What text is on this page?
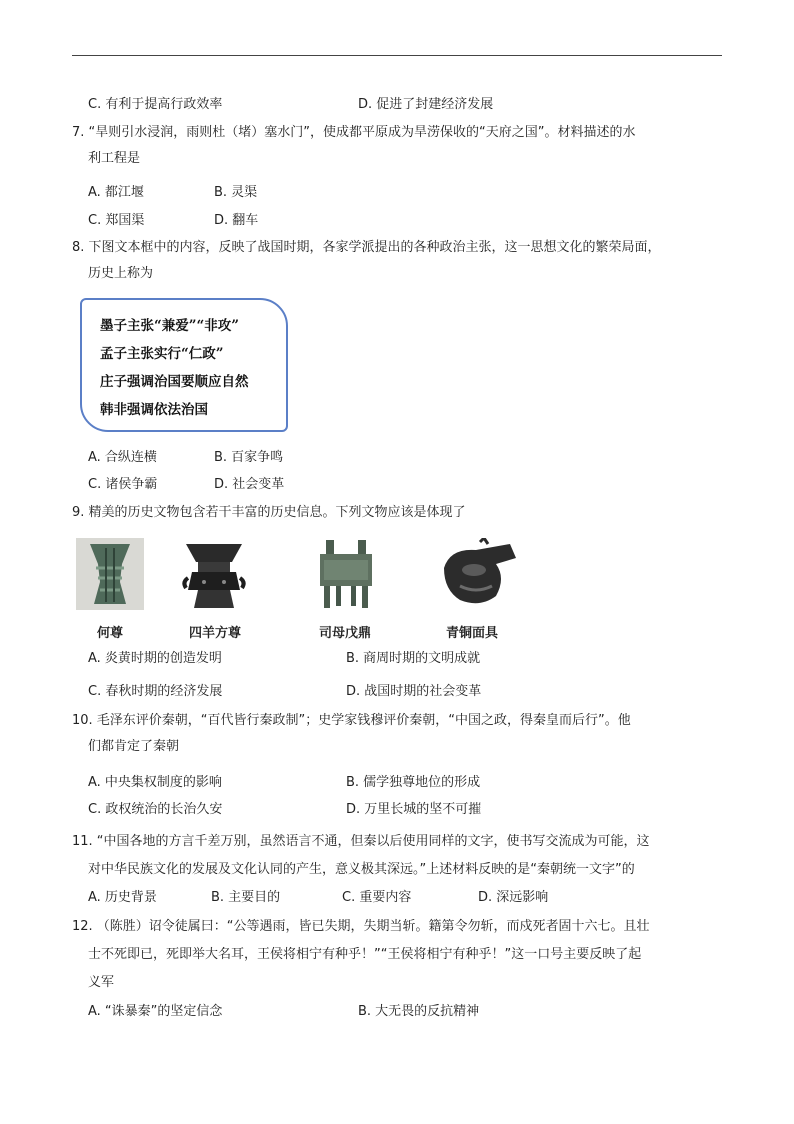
C. 有利于提高行政效率	D. 促进了封建经济发展
7. “旱则引水浸润，雨则杜（堵）塞水门”，使成都平原成为旱涝保收的“天府之国”。材料描述的水
利工程是
A. 都江堰	B. 灵渠
C. 郑国渠	D. 翻车
8. 下图文本框中的内容，反映了战国时期，各家学派提出的各种政治主张，这一思想文化的繁荣局面，
历史上称为
墨子主张“兼爱”“非攻”
孟子主张实行“仁政”
庄子强调治国要顺应自然
韩非强调依法治国
A. 合纵连横	B. 百家争鸣
C. 诸侯争霸	D. 社会变革
9. 精美的历史文物包含若干丰富的历史信息。下列文物应该是体现了
何尊	四羊方尊	司母戊鼎	青铜面具
A. 炎黄时期的创造发明	B. 商周时期的文明成就
C. 春秋时期的经济发展	D. 战国时期的社会变革
10. 毛泽东评价秦朝，“百代皆行秦政制”；史学家钱穆评价秦朝，“中国之政，得秦皇而后行”。他
们都肯定了秦朝
A. 中央集权制度的影响	B. 儒学独尊地位的形成
C. 政权统治的长治久安	D. 万里长城的坚不可摧
11. “中国各地的方言千差万别，虽然语言不通，但秦以后使用同样的文字，使书写交流成为可能，这
对中华民族文化的发展及文化认同的产生，意义极其深远。”上述材料反映的是“秦朝统一文字”的
A. 历史背景	B. 主要目的	C. 重要内容	D. 深远影响
12. （陈胜）诏令徒属曰：“公等遇雨，皆已失期，失期当斩。籍第令勿斩，而戍死者固十六七。且壮
士不死即已，死即举大名耳，王侯将相宁有种乎！”“王侯将相宁有种乎！”这一口号主要反映了起
义军
A. “诛暴秦”的坚定信念	B. 大无畏的反抗精神
